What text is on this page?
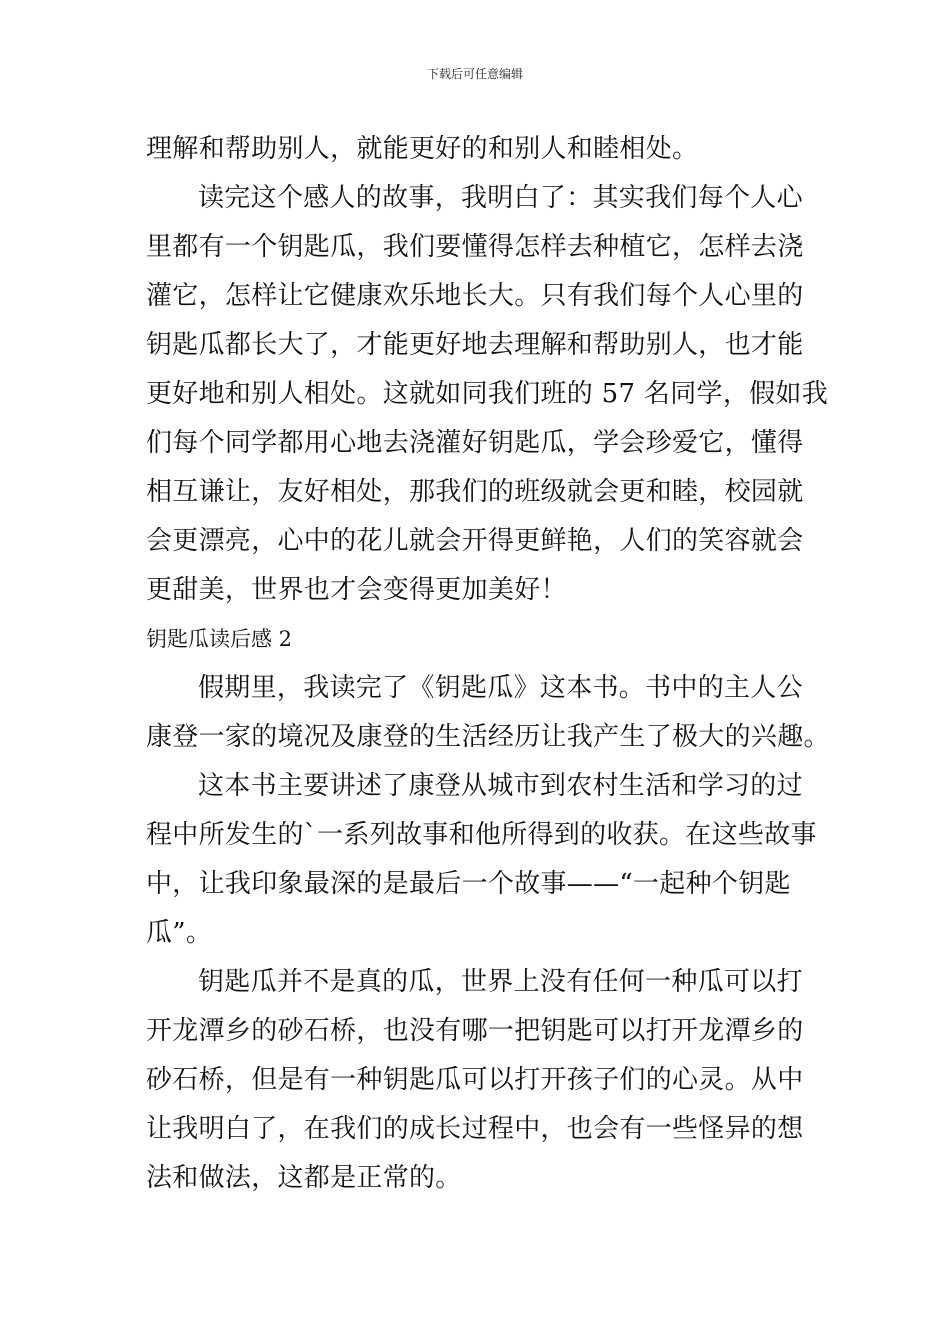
下载后可任意编辑
理解和帮助别人，就能更好的和别人和睦相处。
读完这个感人的故事，我明白了：其实我们每个人心
里都有一个钥匙瓜，我们要懂得怎样去种植它，怎样去浇
灌它，怎样让它健康欢乐地长大。只有我们每个人心里的
钥匙瓜都长大了，才能更好地去理解和帮助别人，也才能
更好地和别人相处。这就如同我们班的 57 名同学，假如我
们每个同学都用心地去浇灌好钥匙瓜，学会珍爱它，懂得
相互谦让，友好相处，那我们的班级就会更和睦，校园就
会更漂亮，心中的花儿就会开得更鲜艳，人们的笑容就会
更甜美，世界也才会变得更加美好！
钥匙瓜读后感 2
假期里，我读完了《钥匙瓜》这本书。书中的主人公
康登一家的境况及康登的生活经历让我产生了极大的兴趣。
这本书主要讲述了康登从城市到农村生活和学习的过
程中所发生的`一系列故事和他所得到的收获。在这些故事
中，让我印象最深的是最后一个故事——“一起种个钥匙
瓜”。
钥匙瓜并不是真的瓜，世界上没有任何一种瓜可以打
开龙潭乡的砂石桥，也没有哪一把钥匙可以打开龙潭乡的
砂石桥，但是有一种钥匙瓜可以打开孩子们的心灵。从中
让我明白了，在我们的成长过程中，也会有一些怪异的想
法和做法，这都是正常的。
